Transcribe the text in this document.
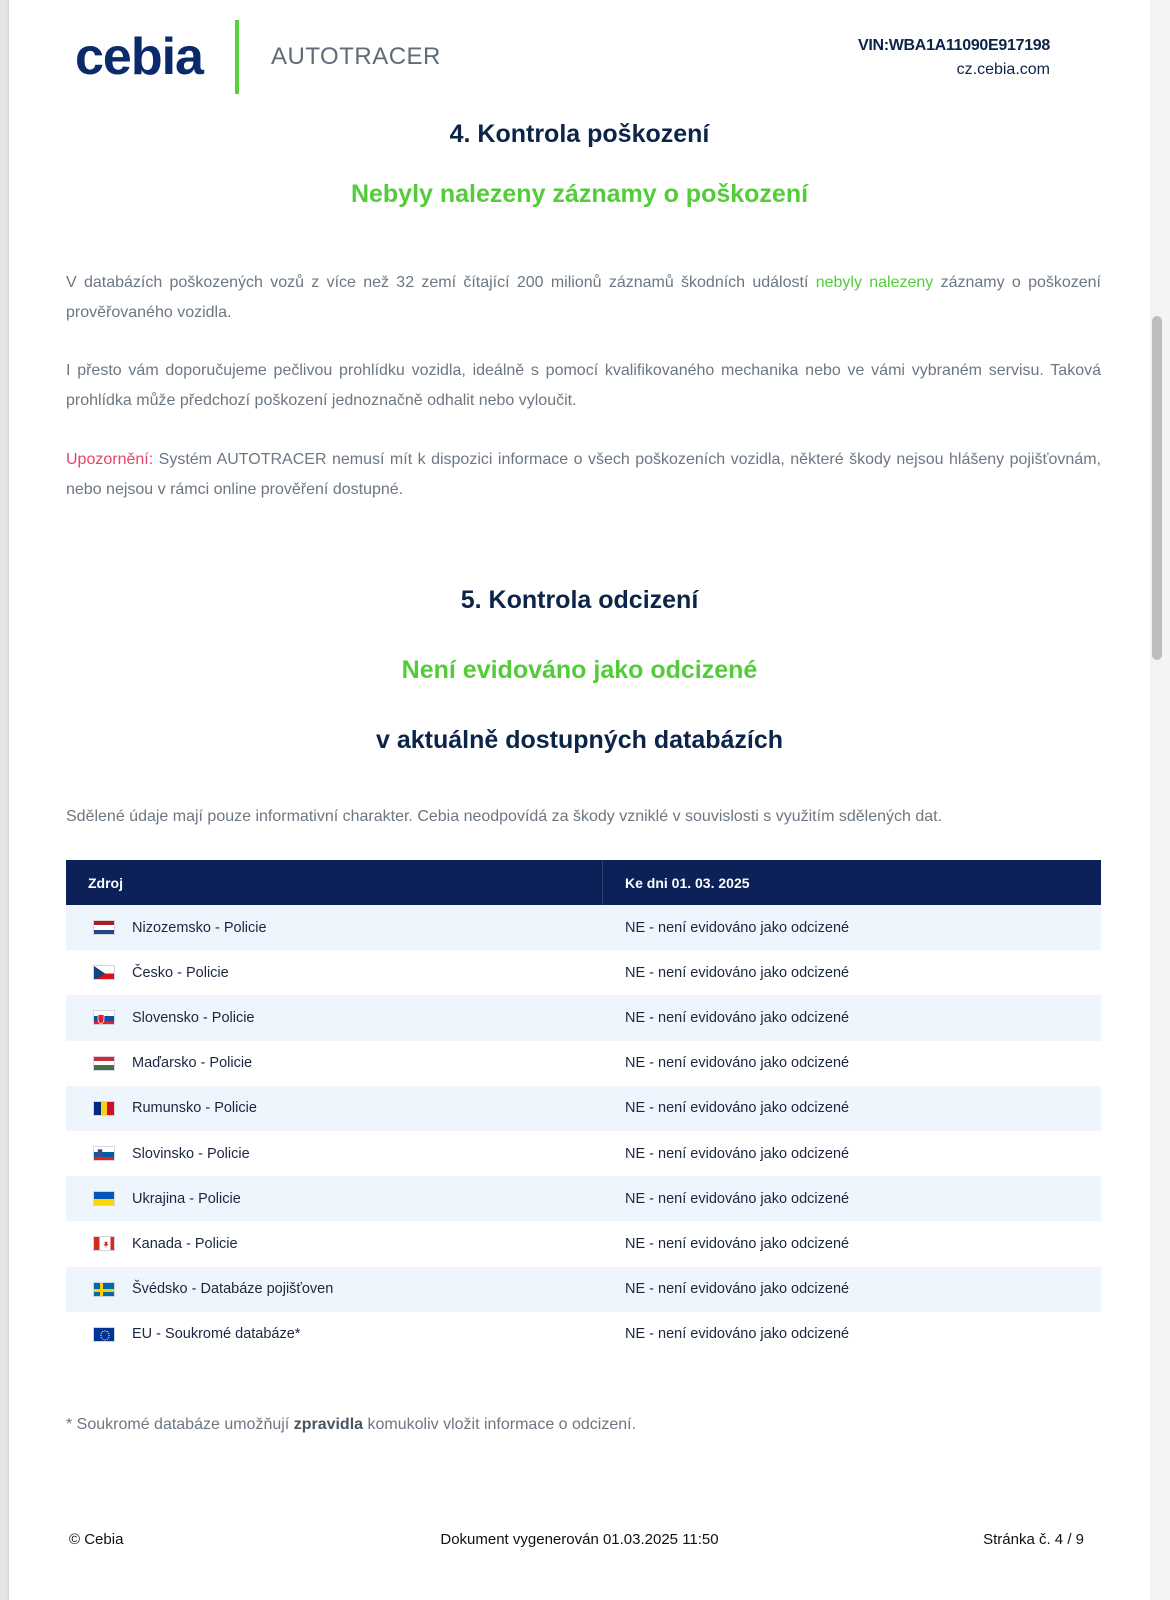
cebia	AUTOTRACER	VIN:WBA1A11090E917198
cz.cebia.com
4. Kontrola poškození
Nebyly nalezeny záznamy o poškození
V databázích poškozených vozů z více než 32 zemí čítající 200 milionů záznamů škodních událostí nebyly nalezeny záznamy o poškození prověřovaného vozidla.
I přesto vám doporučujeme pečlivou prohlídku vozidla, ideálně s pomocí kvalifikovaného mechanika nebo ve vámi vybraném servisu. Taková prohlídka může předchozí poškození jednoznačně odhalit nebo vyloučit.
Upozornění: Systém AUTOTRACER nemusí mít k dispozici informace o všech poškozeních vozidla, některé škody nejsou hlášeny pojišťovnám, nebo nejsou v rámci online prověření dostupné.
5. Kontrola odcizení
Není evidováno jako odcizené
v aktuálně dostupných databázích
Sdělené údaje mají pouze informativní charakter. Cebia neodpovídá za škody vzniklé v souvislosti s využitím sdělených dat.
Zdroj	Ke dni 01. 03. 2025
Nizozemsko - Policie	NE - není evidováno jako odcizené
Česko - Policie	NE - není evidováno jako odcizené
Slovensko - Policie	NE - není evidováno jako odcizené
Maďarsko - Policie	NE - není evidováno jako odcizené
Rumunsko - Policie	NE - není evidováno jako odcizené
Slovinsko - Policie	NE - není evidováno jako odcizené
Ukrajina - Policie	NE - není evidováno jako odcizené
Kanada - Policie	NE - není evidováno jako odcizené
Švédsko - Databáze pojišťoven	NE - není evidováno jako odcizené
EU - Soukromé databáze*	NE - není evidováno jako odcizené
* Soukromé databáze umožňují zpravidla komukoliv vložit informace o odcizení.
© Cebia	Dokument vygenerován 01.03.2025 11:50	Stránka č. 4 / 9
